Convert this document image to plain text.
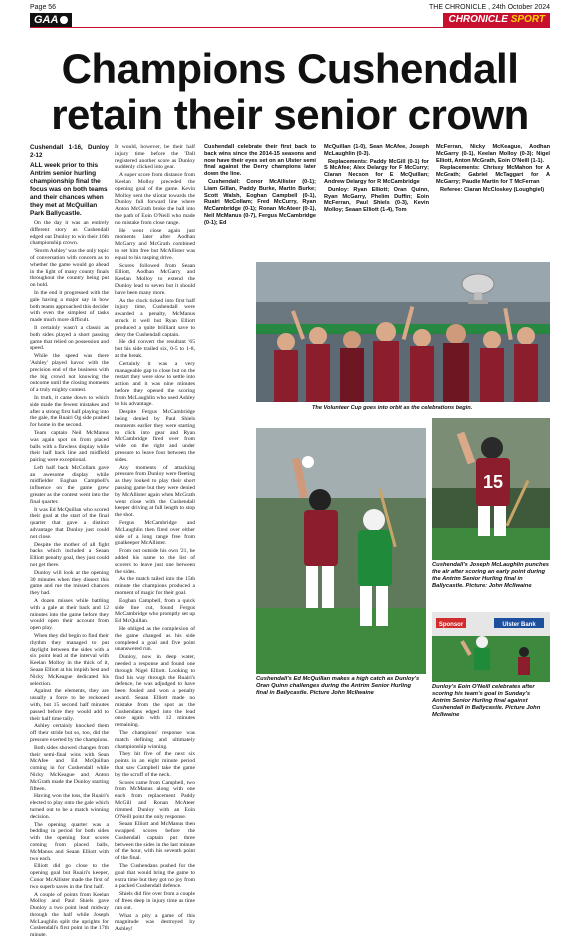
Page 56	THE CHRONICLE , 24th October 2024
GAA	CHRONICLE SPORT
Champions Cushendall retain their senior crown
Cushendall 1-16, Dunloy 2-12
ALL week prior to this Antrim senior hurling championship final the focus was on both teams and their chances when they met at McQuillan Park Ballycastle.

On the day it was an entirely different story as Cushendall edged out Dunloy to win their 16th championship crown.

'Storm Ashley' was the only topic of conversation with concern as to whether the game would go ahead in the light of many county finals throughout the country being put on hold.

In the end it progressed with the gale having a major say in how both teams approached this decider with even the simplest of tasks made much more difficult.

It certainly wasn't a classic as both sides played a short passing game that relied on possession and speed.

While the speed was there 'Ashley' played havoc with the precision end of the business with the big crowd not knowing the outcome until the closing moments of a truly mighty contest.

In truth, it came down to which side made the fewest mistakes and after a strong first half playing into the gale, the Ruairi Og side pushed for home in the second.

Team captain Neil McManus was again spot on from placed balls with a flawless display while their half back line and midfield pairing were exceptional.

Left half back McCollam gave an awesome display while midfielder Eoghan Campbell's influence on the game grew greater as the contest went into the final quarter.

It was Ed McQuillan who scored their goal at the start of the final quarter that gave a distinct advantage that Dunloy just could not close.

Despite the mother of all fight backs which included a Seaan Elliott penalty goal, they just could not get there.

Dunloy will look at the opening 30 minutes when they dissect this game and rue the missed chances they had.

A dozen misses while battling with a gale at their back and 12 minutes into the game before they would open their account from open play.

When they did begin to find their rhythm they managed to put daylight between the sides with a six point lead at the interval with Keelan Molloy in the thick of it, Seaan Elliott at his impish best and Nicky McKeague dedicated his selection.

Against the elements, they are usually a force to be reckoned with, but 15 second half minutes passed before they would add to their half time tally.

Ashley certainly knocked them off their stride but so, too, did the pressure exerted by the champions.

Both sides showed changes from their semi-final wins with Sean McAfee and Ed McQuillan coming in for Cushendall while Nicky McKeague and Anton McGrath made the Dunloy starting fifteen.

Having won the toss, the Ruairi's elected to play onto the gale which turned out to be a match winning decision.

The opening quarter was a bedding in period for both sides with the opening four scores coming from placed balls, McManus and Seaan Elliott with two each.

Elliott did go close to the opening goal but Ruairi's keeper, Conor McAllister made the first of two superb saves in the first half.

A couple of points from Keelan Molloy and Paul Shiels gave Dunloy a two point lead midway through the half while Joseph McLaughlin split the uprights for Cushendall's first point in the 17th minute.

It would, however, be their half injury time before the 'Dall registered another score as Dunloy suddenly clicked into gear.

A super score from distance from Keelan Molloy preceded the opening goal of the game. Kevin Molloy sent the sliotar towards the Dunloy full forward line where Anton McGrath broke the ball into the path of Eoin O'Neill who made no mistake from close range.

He went close again just moments later after Aodhan McGarry and McGrath combined to set him free but McAllister was equal to his rasping drive.

Scores followed from Seaan Elliott, Aodhan McGarry and Keelan Molloy to extend the Dunloy lead to seven but it should have been many more.

As the clock ticked into first half injury time, Cushendall were awarded a penalty, McManus struck it well but Ryan Elliott produced a quite brilliant save to deny the Cushendall captain.

He did convert the resultant '65 but his side trailed six, 0-5 to 1-8, at the break.

Certainly it was a very manageable gap to close but on the restart they were slow to settle into action and it was nine minutes before they opened the scoring from McLaughlin who used Ashley to his advantage.

Despite Fergus McCambridge being denied by Paul Shiels moments earlier they were starting to click into gear and Ryan McCambridge fired over from wide on the right and under pressure to leave four between the sides.

Any moments of attacking pressure from Dunloy were fleeting as they looked to play their short passing game but they were denied by McAllister again when McGrath went close with the Cushendall keeper driving at full length to stop the shot.

Fergus McCambridge and McLaughlin then fired over either side of a long range free from goalkeeper McAllister.

From out outside his own '21, he added his name to the list of scorers to leave just one between the sides.

As the match tailed into the 15th minute the champions produced a moment of magic for their goal.

Eoghan Campbell, from a quick side line cut, found Fergus McCambridge who promptly set up Ed McQuillan.

He obliged as the complexion of the game changed as his side completed a goal and five point unanswered run.

Dunloy, now in deep water, needed a response and found one through Nigel Elliott. Looking to find his way through the Ruairi's defence, he was adjudged to have been fouled and won a penalty award. Seaan Elliott made no mistake from the spot as the Cushendans edged into the lead once again with 12 minutes remaining.

The champions' response was match defining and ultimately championship winning.

They hit five of the next six points in an eight minute period that saw Campbell take the game by the scruff of the neck.

Scores came from Campbell, two from McManus along with one each from replacement Paddy McGill and Ronan McAteer rimmed Dunloy with an Eoin O'Neill point the only response.

Seaan Elliott and McManus then swapped scores before the Cushendall captain put three between the sides in the last minute of the hour, with his seventh point of the final.

The Cushendans pushed for the goal that would bring the game to extra time but they got no joy from a packed Cushendall defence.

Shiels did fire over from a couple of frees deep in injury time as time ran out.

What a pity a game of this magnitude was destroyed by Ashley!

Cushendall celebrate their first back to back wins since the 2014-15 seasons and now have their eyes set on an Ulster semi final against the Derry champions later down the line.

Cushendall: Conor McAllister (0-1); Liam Gillan, Paddy Burke, Martin Burke; Scott Walsh, Eoghan Campbell (0-1), Ruairi McCollam; Fred McCurry, Ryan McCambridge (0-1); Ronan McAteer (0-1), Neil McManus (0-7), Fergus McCambridge (0-1); Ed

McQuillan (1-0), Sean McAfee, Joseph McLaughlin (0-3).

Replacements: Paddy McGill (0-1) for S McAfee; Alex Delargy for F McCurry; Ciaran Necson for E McQuillan; Andrew Delargy for R McCambridge

Dunloy: Ryan Elliott; Oran Quinn, Ryan McGarry, Phelim Duffin; Eoin McFerran, Paul Shiels (0-3), Kevin Molloy; Seaan Elliott (1-4), Tom

McFerran, Nicky McKeague, Aodhan McGarry (0-1), Keelan Molloy (0-3); Nigel Elliott, Anton McGrath, Eoin O'Neill (1-1).

Replacements: Chrissy McMahon for A McGrath; Gabriel McTaggart for A McGarry; Paudie Martin for T McFerran

Referee: Ciaran McCloskey (Loughgiel)

The Volunteer Cup goes into orbit as the celebrations begin.
15
Cushendall's Ed McQuillan makes a high catch as Dunloy's Oran Quinn challenges during the Antrim Senior Hurling final in Ballycastle. Picture John McIlwaine
Cushendall's Joseph McLaughlin punches the air after scoring an early point during the Antrim Senior Hurling final in Ballycastle. Picture: John McIlwaine
Sponsor	Ulster Bank
Dunloy's Eoin O'Neill celebrates after scoring his team's goal in Sunday's Antrim Senior Hurling final against Cushendall in Ballycastle. Picture John McIlwaine
